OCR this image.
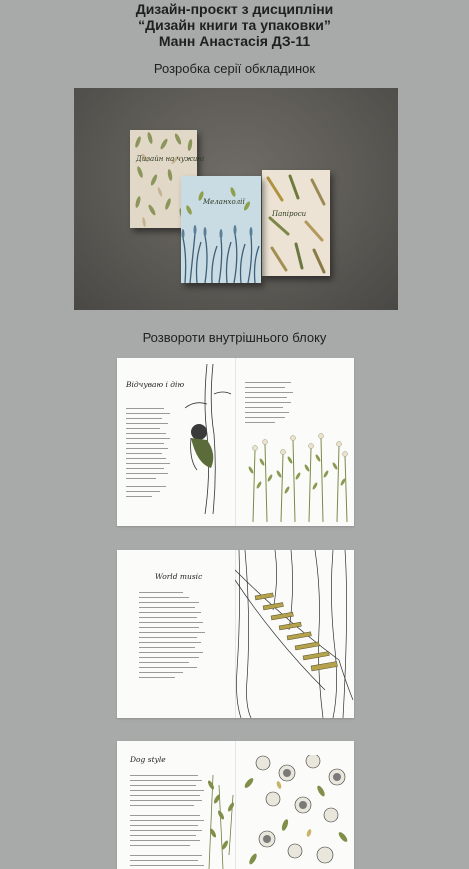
Дизайн-проєкт з дисципліни
“Дизайн книги та упаковки”
Манн Анастасія ДЗ-11
Розробка серії обкладинок
Дизайн на чужині
Папіроси
Меланхолії
Розвороти внутрішнього блоку
Відчуваю і дію
World music
Dog style
